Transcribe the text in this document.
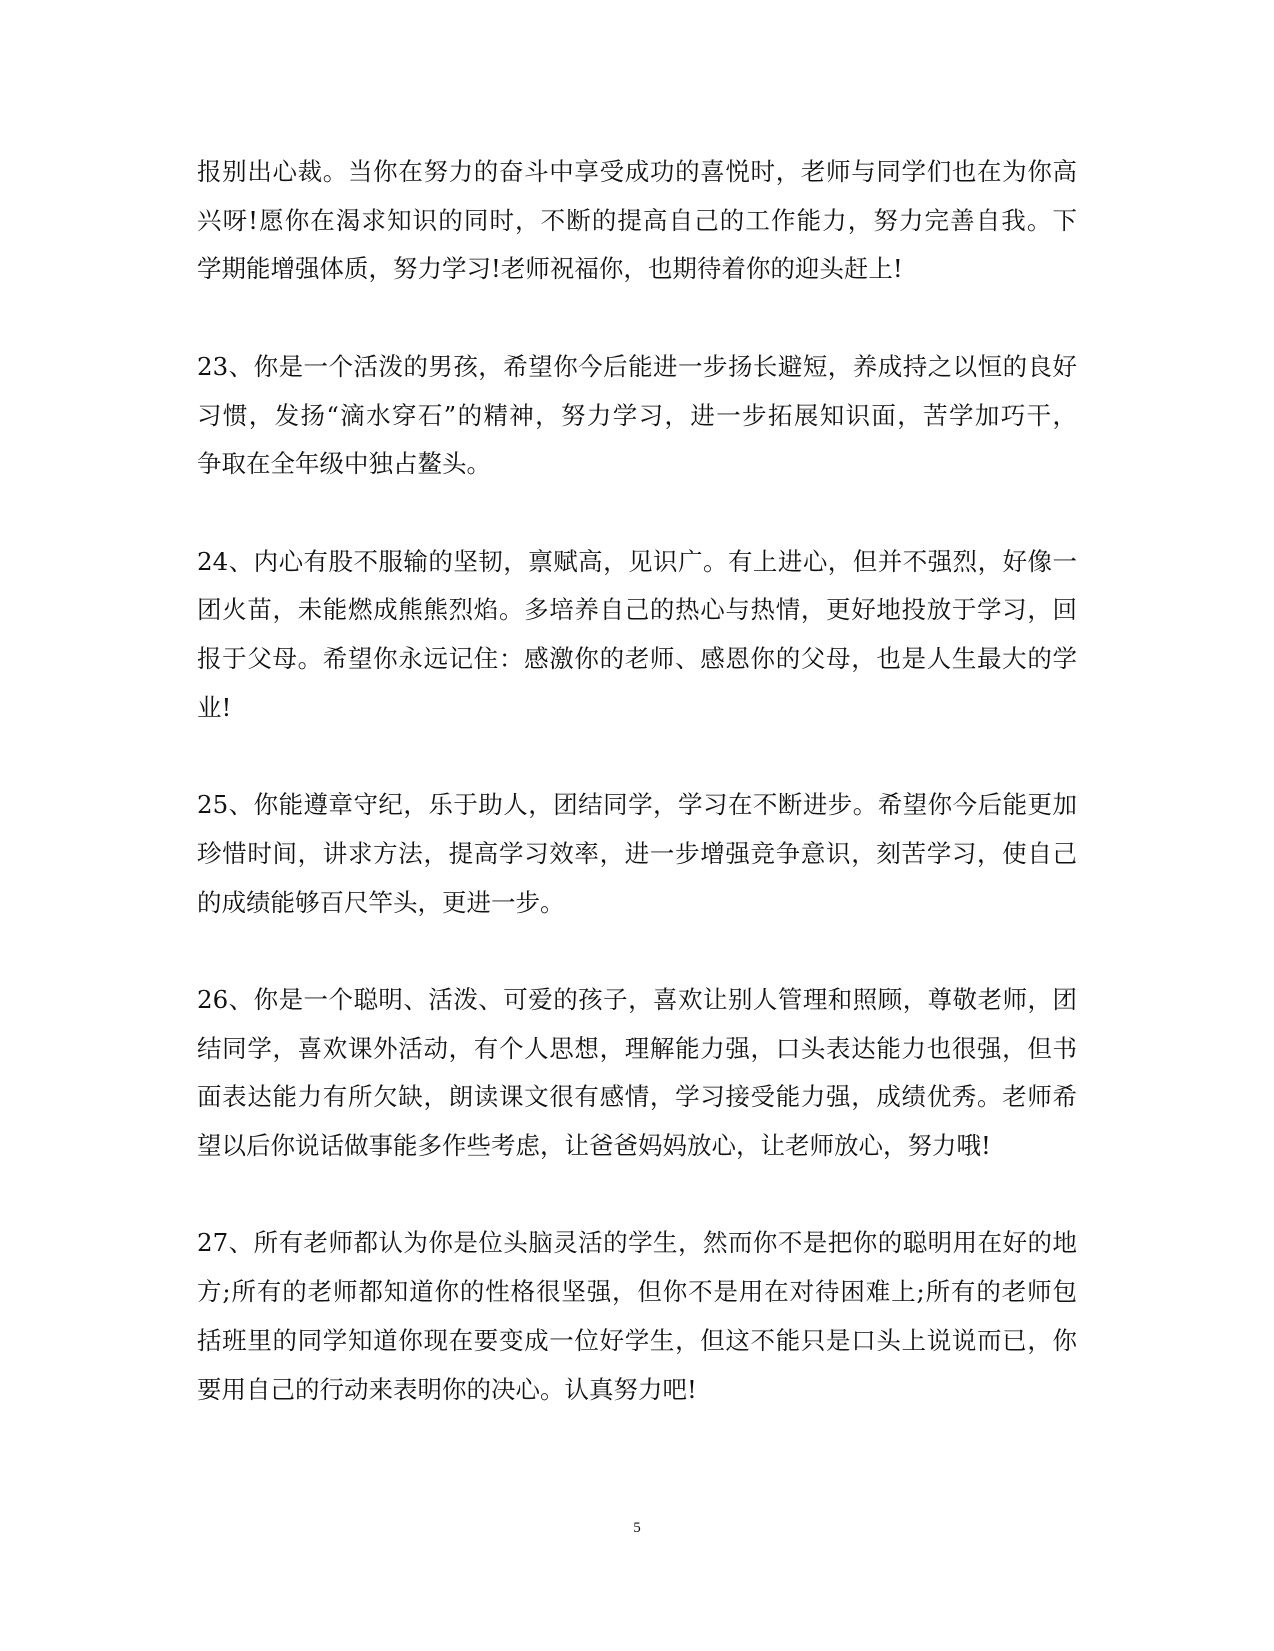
报别出心裁。当你在努力的奋斗中享受成功的喜悦时，老师与同学们也在为你高
兴呀!愿你在渴求知识的同时，不断的提高自己的工作能力，努力完善自我。下
学期能增强体质，努力学习!老师祝福你，也期待着你的迎头赶上!

23、你是一个活泼的男孩，希望你今后能进一步扬长避短，养成持之以恒的良好
习惯，发扬“滴水穿石”的精神，努力学习，进一步拓展知识面，苦学加巧干，
争取在全年级中独占鳌头。

24、内心有股不服输的坚韧，禀赋高，见识广。有上进心，但并不强烈，好像一
团火苗，未能燃成熊熊烈焰。多培养自己的热心与热情，更好地投放于学习，回
报于父母。希望你永远记住：感激你的老师、感恩你的父母，也是人生最大的学
业!

25、你能遵章守纪，乐于助人，团结同学，学习在不断进步。希望你今后能更加
珍惜时间，讲求方法，提高学习效率，进一步增强竞争意识，刻苦学习，使自己
的成绩能够百尺竿头，更进一步。

26、你是一个聪明、活泼、可爱的孩子，喜欢让别人管理和照顾，尊敬老师，团
结同学，喜欢课外活动，有个人思想，理解能力强，口头表达能力也很强，但书
面表达能力有所欠缺，朗读课文很有感情，学习接受能力强，成绩优秀。老师希
望以后你说话做事能多作些考虑，让爸爸妈妈放心，让老师放心，努力哦!

27、所有老师都认为你是位头脑灵活的学生，然而你不是把你的聪明用在好的地
方;所有的老师都知道你的性格很坚强，但你不是用在对待困难上;所有的老师包
括班里的同学知道你现在要变成一位好学生，但这不能只是口头上说说而已，你
要用自己的行动来表明你的决心。认真努力吧!

5
